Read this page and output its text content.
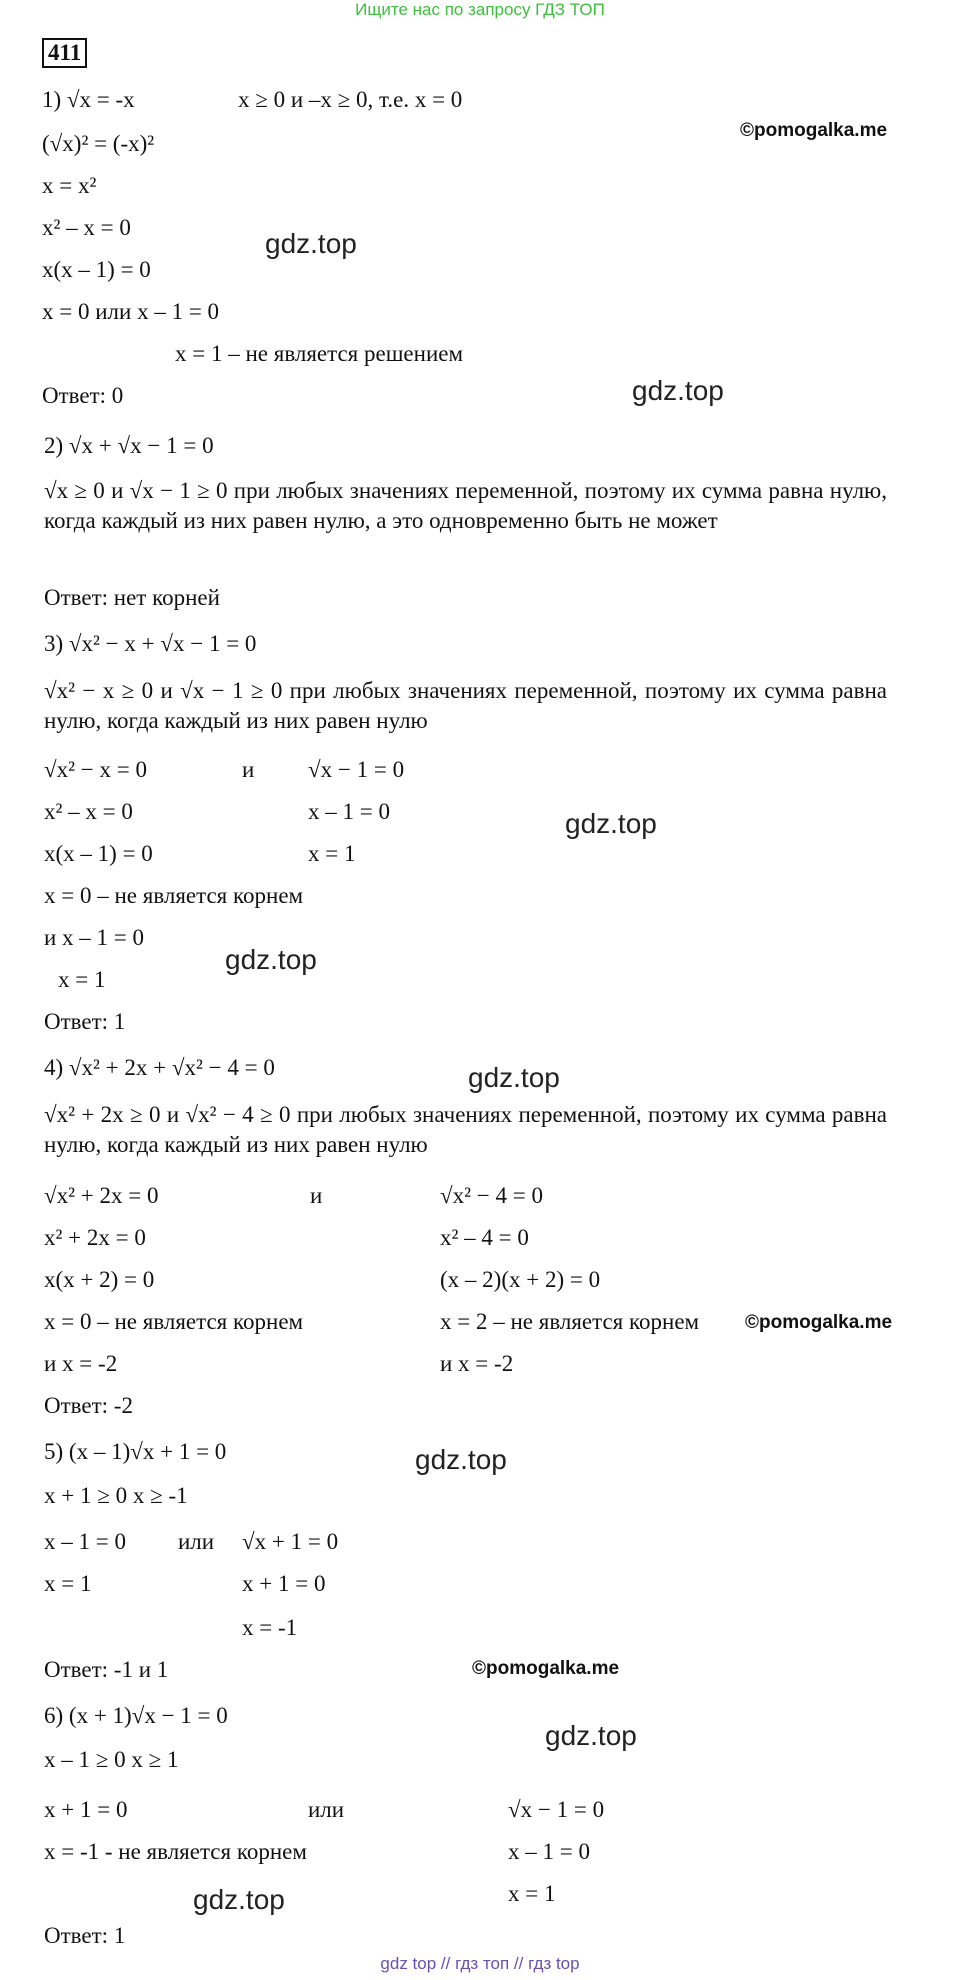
Ищите нас по запросу ГДЗ ТОП
411
1) √x = -x	x ≥ 0 и –x ≥ 0, т.е. x = 0
©pomogalka.me
(√x)² = (-x)²
x = x²
x² – x = 0
gdz.top
x(x – 1) = 0
x = 0 или x – 1 = 0
x = 1 – не является решением
Ответ: 0	gdz.top
2) √x + √x − 1 = 0
√x ≥ 0 и √x − 1 ≥ 0 при любых значениях переменной, поэтому их сумма равна нулю, когда каждый из них равен нулю, а это одновременно быть не может
Ответ: нет корней
3) √x² − x + √x − 1 = 0
√x² − x ≥ 0 и √x − 1 ≥ 0 при любых значениях переменной, поэтому их сумма равна нулю, когда каждый из них равен нулю
√x² − x = 0	и √x − 1 = 0
x² – x = 0	x – 1 = 0	gdz.top
x(x – 1) = 0	x = 1
x = 0 – не является корнем
и x – 1 = 0
gdz.top
x = 1
Ответ: 1
4) √x² + 2x + √x² − 4 = 0	gdz.top
√x² + 2x ≥ 0 и √x² − 4 ≥ 0 при любых значениях переменной, поэтому их сумма равна нулю, когда каждый из них равен нулю
√x² + 2x = 0	и	√x² − 4 = 0
x² + 2x = 0	x² – 4 = 0
x(x + 2) = 0	(x – 2)(x + 2) = 0
x = 0 – не является корнем	x = 2 – не является корнем ©pomogalka.me
и x = -2	и x = -2
Ответ: -2
5) (x – 1)√x + 1 = 0	gdz.top
x + 1 ≥ 0 x ≥ -1
x – 1 = 0 или √x + 1 = 0
x = 1	x + 1 = 0
x = -1
Ответ: -1 и 1	©pomogalka.me
6) (x + 1)√x − 1 = 0
gdz.top
x – 1 ≥ 0 x ≥ 1
x + 1 = 0	или	√x − 1 = 0
x = -1 - не является корнем	x – 1 = 0
x = 1
gdz.top
Ответ: 1
gdz top // гдз топ // гдз top
